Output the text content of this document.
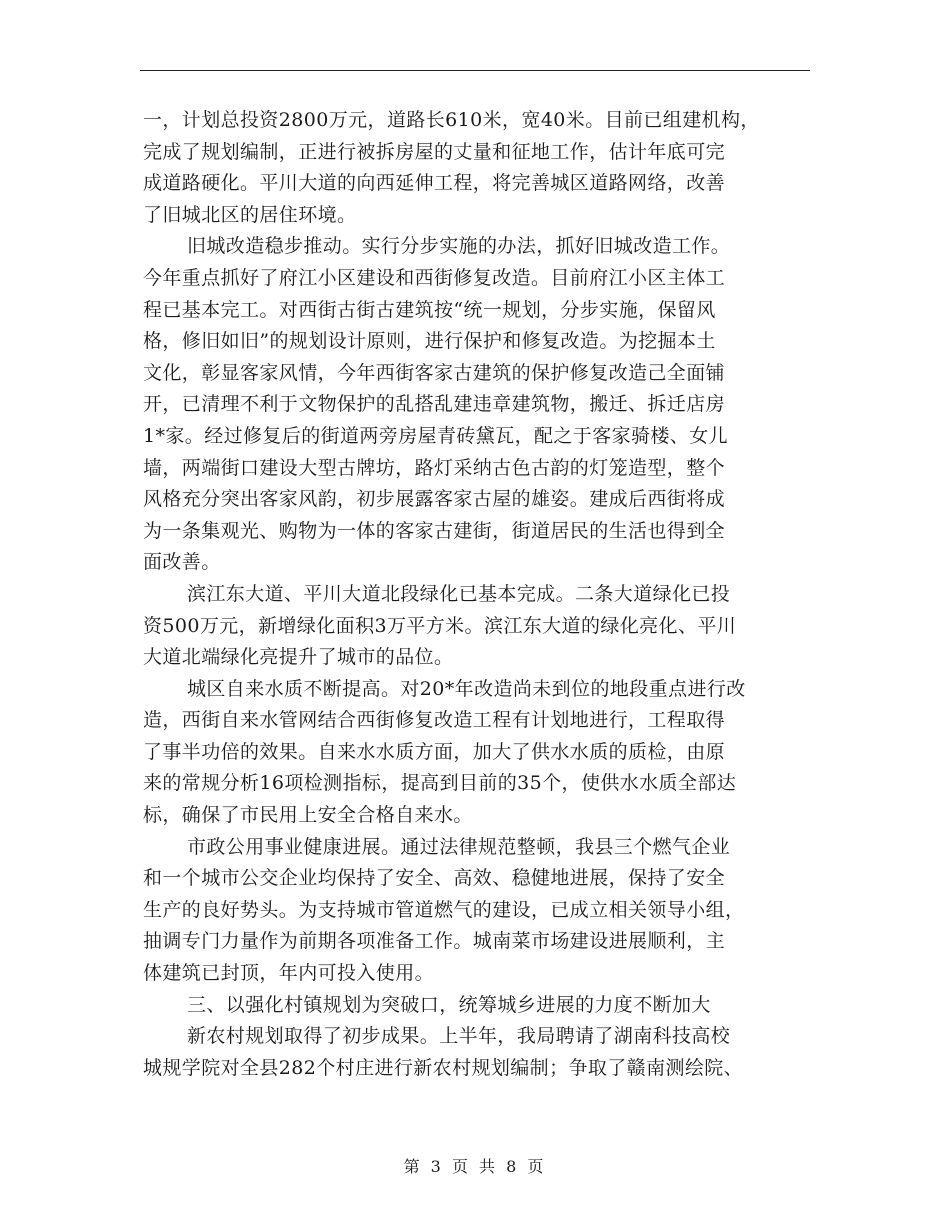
一，计划总投资2800万元，道路长610米，宽40米。目前已组建机构，
完成了规划编制，正进行被拆房屋的丈量和征地工作，估计年底可完
成道路硬化。平川大道的向西延伸工程，将完善城区道路网络，改善
了旧城北区的居住环境。
旧城改造稳步推动。实行分步实施的办法，抓好旧城改造工作。
今年重点抓好了府江小区建设和西街修复改造。目前府江小区主体工
程已基本完工。对西街古街古建筑按“统一规划，分步实施，保留风
格，修旧如旧”的规划设计原则，进行保护和修复改造。为挖掘本土
文化，彰显客家风情，今年西街客家古建筑的保护修复改造己全面铺
开，已清理不利于文物保护的乱搭乱建违章建筑物，搬迁、拆迁店房
1*家。经过修复后的街道两旁房屋青砖黛瓦，配之于客家骑楼、女儿
墙，两端街口建设大型古牌坊，路灯采纳古色古韵的灯笼造型，整个
风格充分突出客家风韵，初步展露客家古屋的雄姿。建成后西街将成
为一条集观光、购物为一体的客家古建街，街道居民的生活也得到全
面改善。
滨江东大道、平川大道北段绿化已基本完成。二条大道绿化已投
资500万元，新增绿化面积3万平方米。滨江东大道的绿化亮化、平川
大道北端绿化亮提升了城市的品位。
城区自来水质不断提高。对20*年改造尚未到位的地段重点进行改
造，西街自来水管网结合西街修复改造工程有计划地进行，工程取得
了事半功倍的效果。自来水水质方面，加大了供水水质的质检，由原
来的常规分析16项检测指标，提高到目前的35个，使供水水质全部达
标，确保了市民用上安全合格自来水。
市政公用事业健康进展。通过法律规范整顿，我县三个燃气企业
和一个城市公交企业均保持了安全、高效、稳健地进展，保持了安全
生产的良好势头。为支持城市管道燃气的建设，已成立相关领导小组，
抽调专门力量作为前期各项准备工作。城南菜市场建设进展顺利，主
体建筑已封顶，年内可投入使用。
三、以强化村镇规划为突破口，统筹城乡进展的力度不断加大
新农村规划取得了初步成果。上半年，我局聘请了湖南科技高校
城规学院对全县282个村庄进行新农村规划编制；争取了赣南测绘院、
第 3 页 共 8 页
